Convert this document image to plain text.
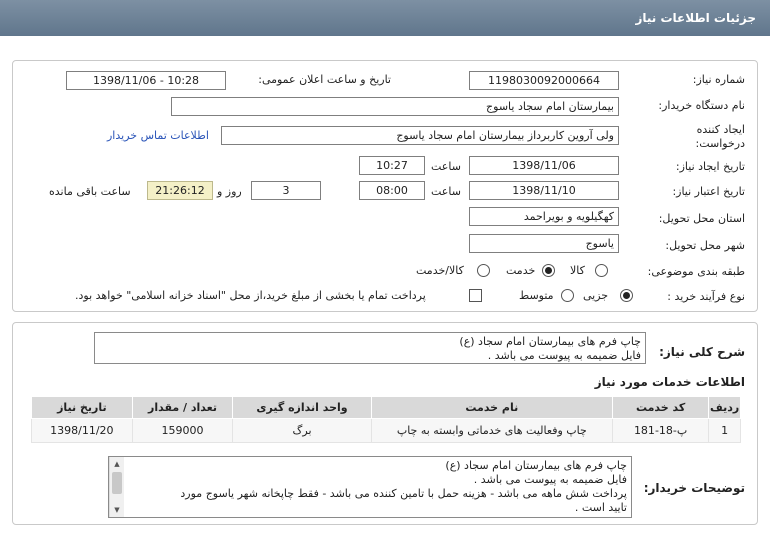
جزئیات اطلاعات نیاز
شماره نیاز:
1198030092000664
تاریخ و ساعت اعلان عمومی:
1398/11/06 - 10:28
نام دستگاه خریدار:
بیمارستان امام سجاد یاسوج
ایجاد کننده
درخواست:
ولی آروین کاربرداز بیمارستان امام سجاد یاسوج
اطلاعات تماس خریدار
تاریخ ایجاد نیاز:
1398/11/06
ساعت
10:27
تاریخ اعتبار نیاز:
1398/11/10
ساعت
08:00
3
روز و
21:26:12
ساعت باقی مانده
استان محل تحویل:
کهگیلویه و بویراحمد
شهر محل تحویل:
یاسوج
طبقه بندی موضوعی:
کالا
خدمت
کالا/خدمت
نوع فرآیند خرید :
جزیی
متوسط
پرداخت تمام یا بخشی از مبلغ خرید،از محل "اسناد خزانه اسلامی" خواهد بود.
شرح کلی نیاز:
چاپ فرم های بیمارستان امام سجاد (ع)
فایل ضمیمه به پیوست می باشد .
اطلاعات خدمات مورد نیاز
ردیف	کد خدمت	نام خدمت	واحد اندازه گیری	تعداد / مقدار	تاریخ نیاز
1	پ-18-181	چاپ وفعالیت های خدماتی وابسته به چاپ	برگ	159000	1398/11/20
توضیحات خریدار:
چاپ فرم های بیمارستان امام سجاد (ع)
فایل ضمیمه به پیوست می باشد .
پرداخت شش ماهه می باشد - هزینه حمل با تامین کننده می باشد - فقط چاپخانه شهر یاسوج مورد
تایید است .
▲
▼
